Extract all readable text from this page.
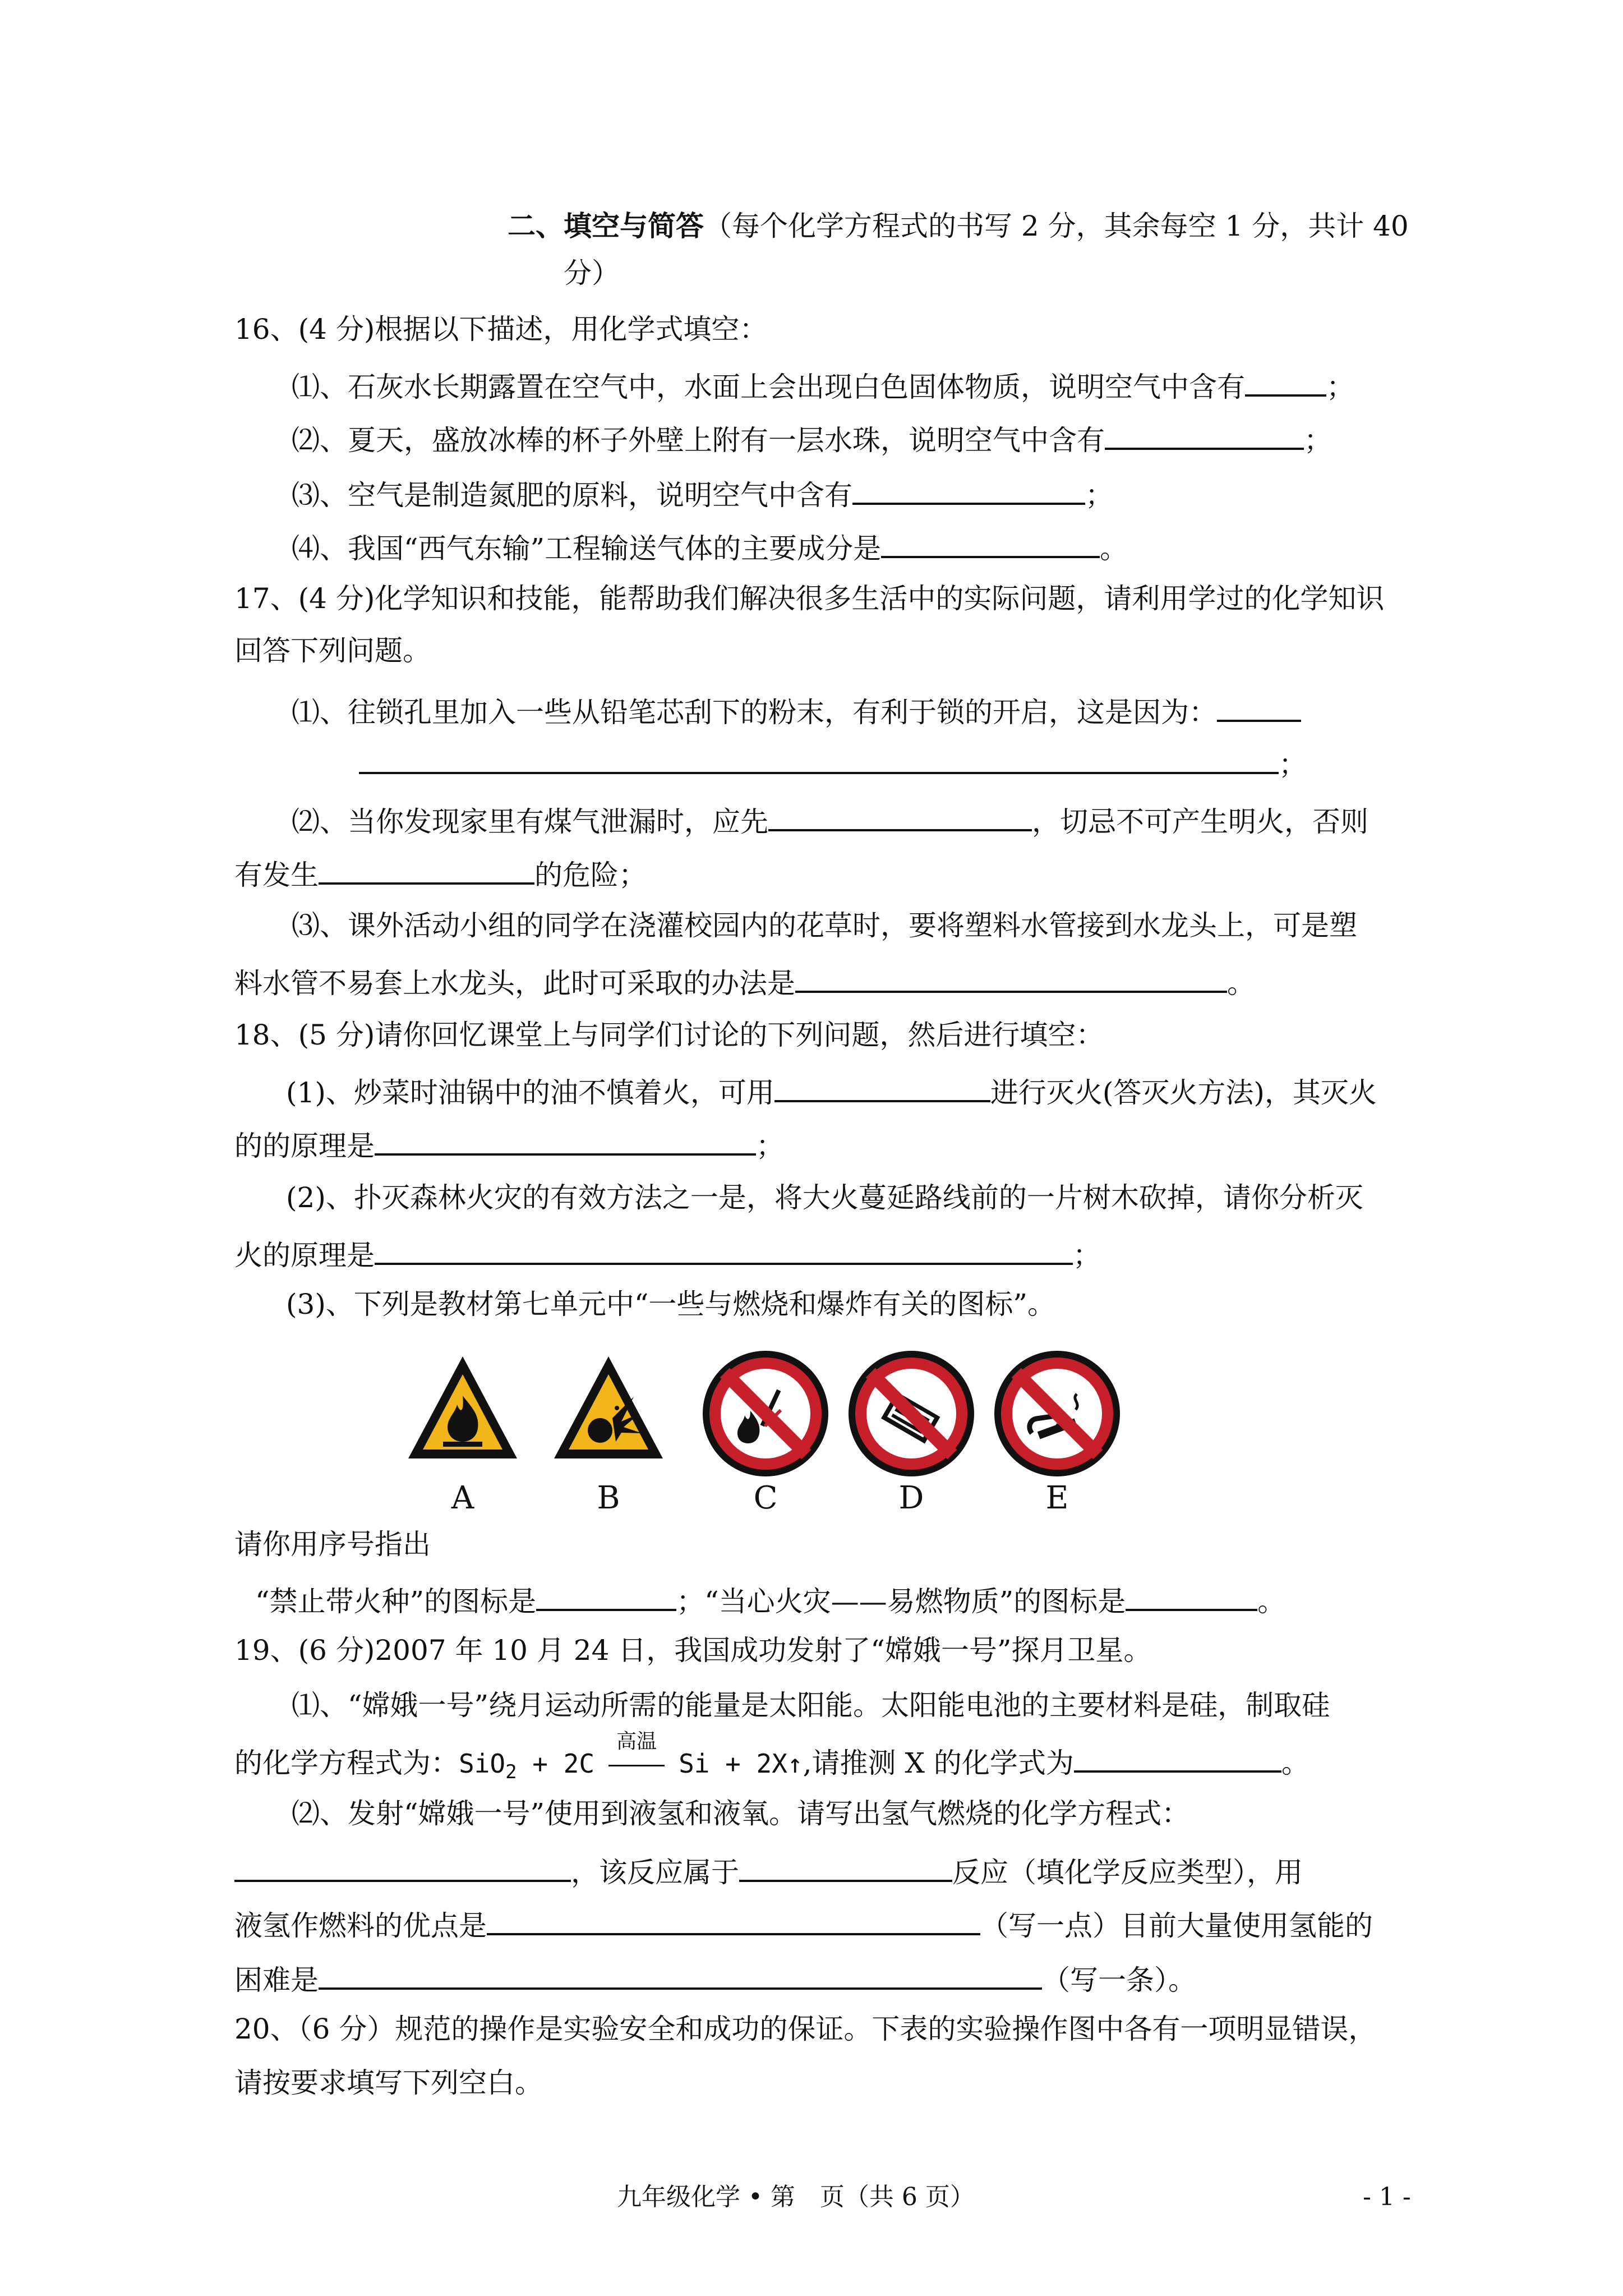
二、填空与简答（每个化学方程式的书写 2 分，其余每空 1 分，共计 40
分）
16、(4 分)根据以下描述，用化学式填空：
⑴、石灰水长期露置在空气中，水面上会出现白色固体物质，说明空气中含有	；
⑵、夏天，盛放冰棒的杯子外壁上附有一层水珠，说明空气中含有	；
⑶、空气是制造氮肥的原料，说明空气中含有	；
⑷、我国“西气东输”工程输送气体的主要成分是	。
17、(4 分)化学知识和技能，能帮助我们解决很多生活中的实际问题，请利用学过的化学知识
回答下列问题。
⑴、往锁孔里加入一些从铅笔芯刮下的粉末，有利于锁的开启，这是因为：
；
⑵、当你发现家里有煤气泄漏时，应先	，切忌不可产生明火，否则
有发生	的危险；
⑶、课外活动小组的同学在浇灌校园内的花草时，要将塑料水管接到水龙头上，可是塑
料水管不易套上水龙头，此时可采取的办法是	。
18、(5 分)请你回忆课堂上与同学们讨论的下列问题，然后进行填空：
(1)、炒菜时油锅中的油不慎着火，可用	进行灭火(答灭火方法)，其灭火
的的原理是	；
(2)、扑灭森林火灾的有效方法之一是，将大火蔓延路线前的一片树木砍掉，请你分析灭
火的原理是	；
(3)、下列是教材第七单元中“一些与燃烧和爆炸有关的图标”。
A	B	C	D	E
请你用序号指出
“禁止带火种”的图标是	；“当心火灾——易燃物质”的图标是	。
19、(6 分)2007 年 10 月 24 日，我国成功发射了“嫦娥一号”探月卫星。
⑴、“嫦娥一号”绕月运动所需的能量是太阳能。太阳能电池的主要材料是硅，制取硅
的化学方程式为：SiO$_2$ + 2C
高温
Si + 2X↑,请推测 X 的化学式为	。
⑵、发射“嫦娥一号”使用到液氢和液氧。请写出氢气燃烧的化学方程式：
，该反应属于	反应（填化学反应类型），用
液氢作燃料的优点是	（写一点）目前大量使用氢能的
困难是	（写一条）。
20、（6 分）规范的操作是实验安全和成功的保证。下表的实验操作图中各有一项明显错误，
请按要求填写下列空白。
九年级化学 • 第　页（共 6 页）	- 1 -
